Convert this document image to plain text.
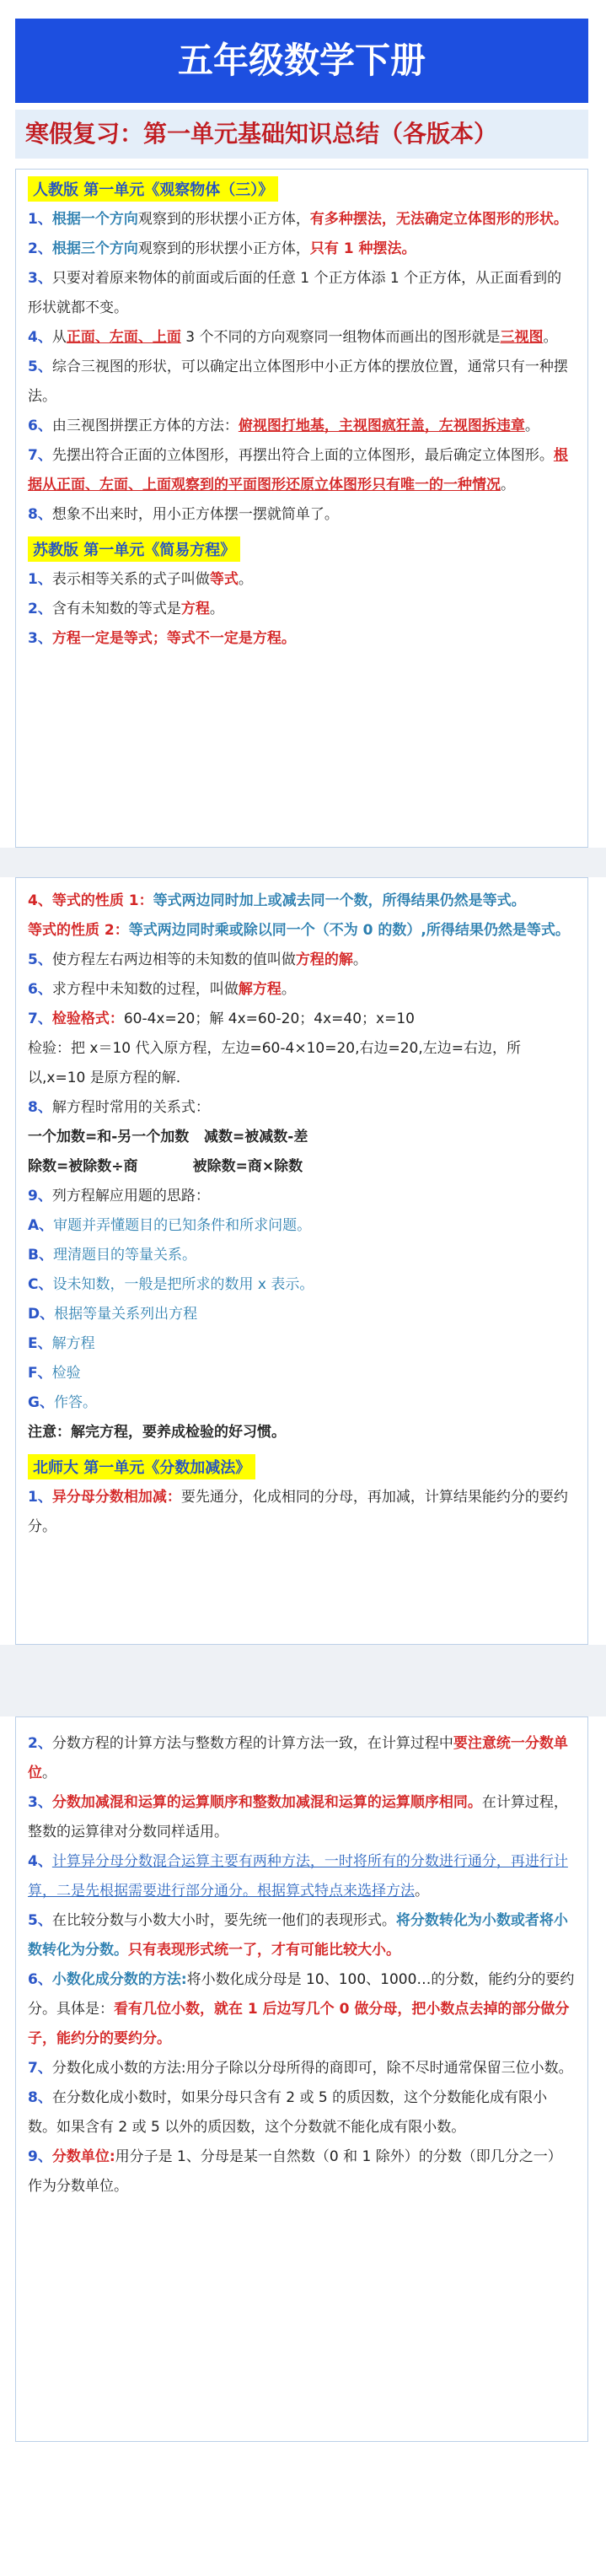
五年级数学下册
寒假复习：第一单元基础知识总结（各版本）
人教版 第一单元《观察物体（三）》

1、根据一个方向观察到的形状摆小正方体，有多种摆法，无法确定立体图形的形状。

2、根据三个方向观察到的形状摆小正方体，只有 1 种摆法。

3、只要对着原来物体的前面或后面的任意 1 个正方体添 1 个正方体，从正面看到的形状就都不变。

4、从正面、左面、上面 3 个不同的方向观察同一组物体而画出的图形就是三视图。

5、综合三视图的形状，可以确定出立体图形中小正方体的摆放位置，通常只有一种摆法。

6、由三视图拼摆正方体的方法：俯视图打地基，主视图疯狂盖，左视图拆违章。

7、先摆出符合正面的立体图形，再摆出符合上面的立体图形，最后确定立体图形。根据从正面、左面、上面观察到的平面图形还原立体图形只有唯一的一种情况。

8、想象不出来时，用小正方体摆一摆就简单了。

苏教版 第一单元《简易方程》

1、表示相等关系的式子叫做等式。

2、含有未知数的等式是方程。

3、方程一定是等式；等式不一定是方程。

4、等式的性质 1：等式两边同时加上或减去同一个数，所得结果仍然是等式。

等式的性质 2：等式两边同时乘或除以同一个（不为 0 的数）,所得结果仍然是等式。

5、使方程左右两边相等的未知数的值叫做方程的解。

6、求方程中未知数的过程，叫做解方程。

7、检验格式：60-4x=20；解 4x=60-20；4x=40；x=10

检验：把 x＝10 代入原方程，左边=60-4×10=20,右边=20,左边=右边，所以,x=10 是原方程的解.

8、解方程时常用的关系式：

一个加数=和-另一个加数   减数=被减数-差

除数=被除数÷商           被除数=商×除数

9、列方程解应用题的思路：

A、审题并弄懂题目的已知条件和所求问题。

B、理清题目的等量关系。

C、设未知数，一般是把所求的数用 x 表示。

D、根据等量关系列出方程

E、解方程

F、检验

G、作答。

注意：解完方程，要养成检验的好习惯。

北师大 第一单元《分数加减法》

1、异分母分数相加减：要先通分，化成相同的分母，再加减，计算结果能约分的要约分。

2、分数方程的计算方法与整数方程的计算方法一致，在计算过程中要注意统一分数单位。

3、分数加减混和运算的运算顺序和整数加减混和运算的运算顺序相同。在计算过程，整数的运算律对分数同样适用。

4、计算异分母分数混合运算主要有两种方法，一时将所有的分数进行通分，再进行计算，二是先根据需要进行部分通分。根据算式特点来选择方法。

5、在比较分数与小数大小时，要先统一他们的表现形式。将分数转化为小数或者将小数转化为分数。只有表现形式统一了，才有可能比较大小。

6、小数化成分数的方法:将小数化成分母是 10、100、1000…的分数，能约分的要约分。具体是：看有几位小数，就在 1 后边写几个 0 做分母，把小数点去掉的部分做分子，能约分的要约分。

7、分数化成小数的方法:用分子除以分母所得的商即可，除不尽时通常保留三位小数。

8、在分数化成小数时，如果分母只含有 2 或 5 的质因数，这个分数能化成有限小数。如果含有 2 或 5 以外的质因数，这个分数就不能化成有限小数。

9、分数单位:用分子是 1、分母是某一自然数（0 和 1 除外）的分数（即几分之一）作为分数单位。
